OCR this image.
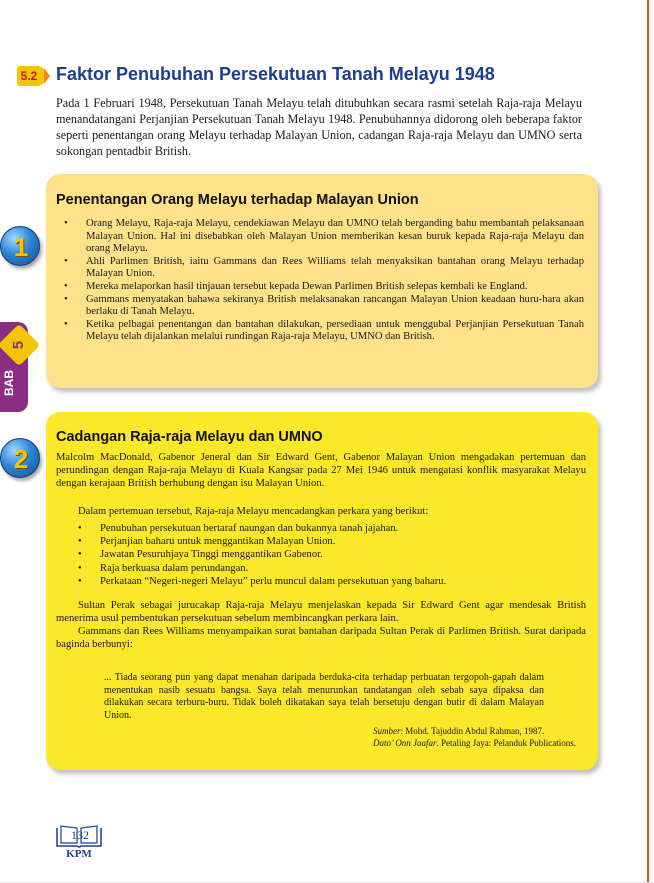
5.2 Faktor Penubuhan Persekutuan Tanah Melayu 1948

Pada 1 Februari 1948, Persekutuan Tanah Melayu telah ditubuhkan secara rasmi setelah Raja-raja Melayu menandatangani Perjanjian Persekutuan Tanah Melayu 1948. Penubuhannya didorong oleh beberapa faktor seperti penentangan orang Melayu terhadap Malayan Union, cadangan Raja-raja Melayu dan UMNO serta sokongan pentadbir British.

5
BAB
Penentangan Orang Melayu terhadap Malayan Union
• Orang Melayu, Raja-raja Melayu, cendekiawan Melayu dan UMNO telah berganding bahu membantah pelaksanaan Malayan Union. Hal ini disebabkan oleh Malayan Union memberikan kesan buruk kepada Raja-raja Melayu dan orang Melayu.
• Ahli Parlimen British, iaitu Gammans dan Rees Williams telah menyaksikan bantahan orang Melayu terhadap Malayan Union.
• Mereka melaporkan hasil tinjauan tersebut kepada Dewan Parlimen British selepas kembali ke England.
• Gammans menyatakan bahawa sekiranya British melaksanakan rancangan Malayan Union keadaan huru-hara akan berlaku di Tanah Melayu.
• Ketika pelbagai penentangan dan bantahan dilakukan, persediaan untuk menggubal Perjanjian Persekutuan Tanah Melayu telah dijalankan melalui rundingan Raja-raja Melayu, UMNO dan British.
1
Cadangan Raja-raja Melayu dan UMNO

Malcolm MacDonald, Gabenor Jeneral dan Sir Edward Gent, Gabenor Malayan Union mengadakan pertemuan dan perundingan dengan Raja-raja Melayu di Kuala Kangsar pada 27 Mei 1946 untuk mengatasi konflik masyarakat Melayu dengan kerajaan British berhubung dengan isu Malayan Union.

Dalam pertemuan tersebut, Raja-raja Melayu mencadangkan perkara yang berikut:

• Penubuhan persekutuan bertaraf naungan dan bukannya tanah jajahan.
• Perjanjian baharu untuk menggantikan Malayan Union.
• Jawatan Pesuruhjaya Tinggi menggantikan Gabenor.
• Raja berkuasa dalam perundangan.
• Perkataan “Negeri-negeri Melayu” perlu muncul dalam persekutuan yang baharu.

Sultan Perak sebagai jurucakap Raja-raja Melayu menjelaskan kepada Sir Edward Gent agar mendesak British menerima usul pembentukan persekutuan sebelum membincangkan perkara lain.

Gammans dan Rees Williams menyampaikan surat bantahan daripada Sultan Perak di Parlimen British. Surat daripada baginda berbunyi:

... Tiada seorang pun yang dapat menahan daripada berduka-cita terhadap perbuatan tergopoh-gapah dalam menentukan nasib sesuatu bangsa. Saya telah menurunkan tandatangan oleh sebab saya dipaksa dan dilakukan secara terburu-buru. Tidak boleh dikatakan saya telah bersetuju dengan butir di dalam Malayan Union.

Sumber: Mohd. Tajuddin Abdul Rahman, 1987.
Dato’ Onn Jaafar. Petaling Jaya: Pelanduk Publications.
2
132
KPM
